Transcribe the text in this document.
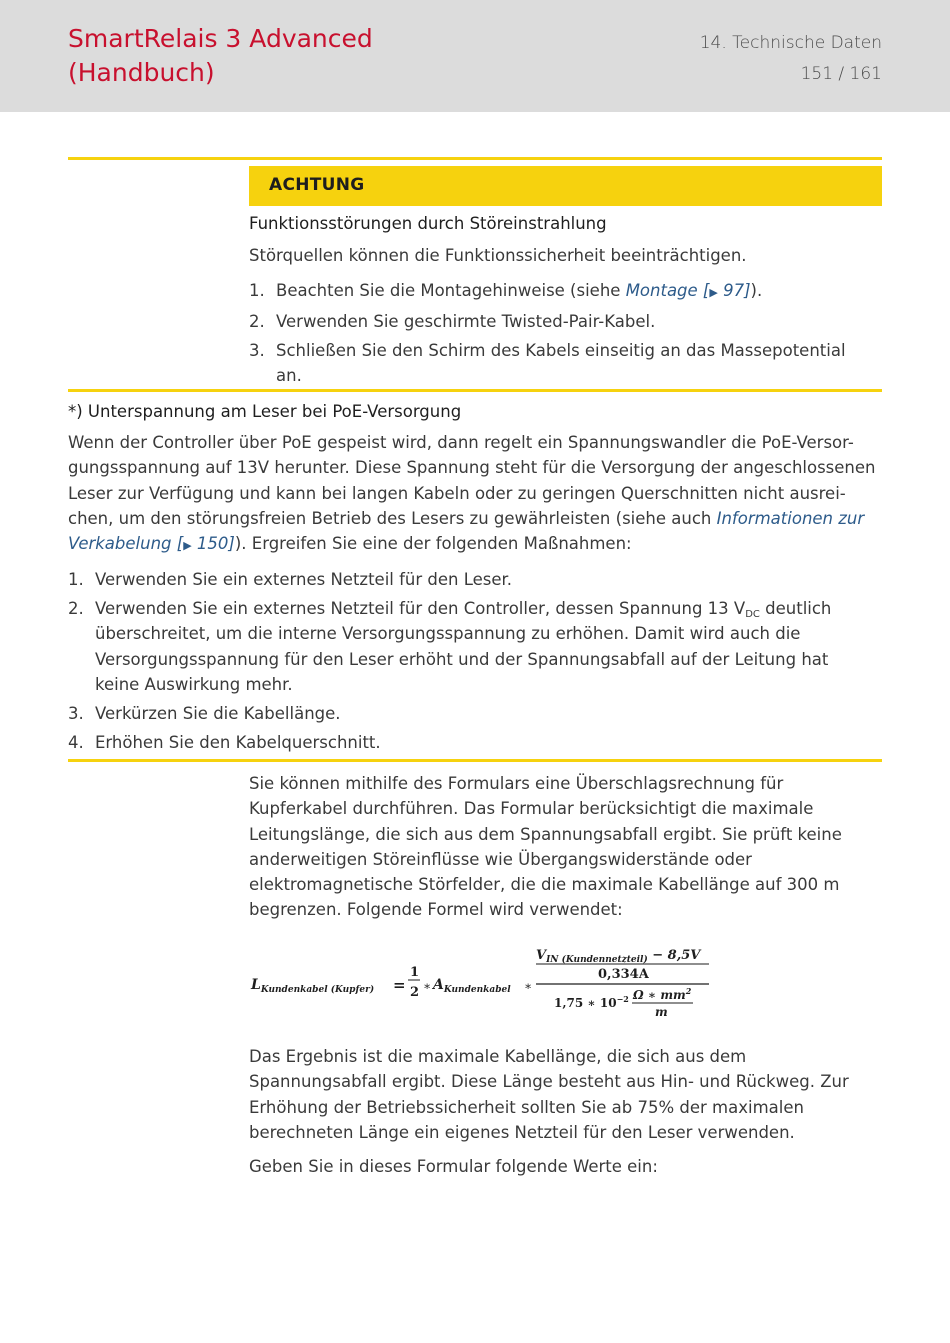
SmartRelais 3 Advanced
(Handbuch)
14. Technische Daten
151 / 161
ACHTUNG
Funktionsstörungen durch Störeinstrahlung
Störquellen können die Funktionssicherheit beeinträchtigen.
1. Beachten Sie die Montagehinweise (siehe Montage [▶ 97]).
2. Verwenden Sie geschirmte Twisted-Pair-Kabel.
3. Schließen Sie den Schirm des Kabels einseitig an das Massepotential an.
*) Unterspannung am Leser bei PoE-Versorgung
Wenn der Controller über PoE gespeist wird, dann regelt ein Spannungswandler die PoE-Versor-gungsspannung auf 13V herunter. Diese Spannung steht für die Versorgung der angeschlossenen Leser zur Verfügung und kann bei langen Kabeln oder zu geringen Querschnitten nicht ausrei-chen, um den störungsfreien Betrieb des Lesers zu gewährleisten (siehe auch Informationen zur Verkabelung [▶ 150]). Ergreifen Sie eine der folgenden Maßnahmen:
1. Verwenden Sie ein externes Netzteil für den Leser.
2. Verwenden Sie ein externes Netzteil für den Controller, dessen Spannung 13 $V_{DC}$ deutlich überschreitet, um die interne Versorgungsspannung zu erhöhen. Damit wird auch die Versorgungsspannung für den Leser erhöht und der Spannungsabfall auf der Leitung hat keine Auswirkung mehr.
3. Verkürzen Sie die Kabellänge.
4. Erhöhen Sie den Kabelquerschnitt.
Sie können mithilfe des Formulars eine Überschlagsrechnung für Kupferkabel durchführen. Das Formular berücksichtigt die maximale Leitungslänge, die sich aus dem Spannungsabfall ergibt. Sie prüft keine anderweitigen Störeinflüsse wie Übergangswiderstände oder elektromagnetische Störfelder, die die maximale Kabellänge auf 300 m begrenzen. Folgende Formel wird verwendet:
$L_{Kundenkabel (Kupfer)}$ =
1
2 ∗ $A_{Kundenkabel}$ ∗
$V_{IN (Kundennetzteil)} - 8,5V$
0,334A
1,75 ∗ $10^{-2}$ Ω ∗ $mm^2$
m
Das Ergebnis ist die maximale Kabellänge, die sich aus dem Spannungsabfall ergibt. Diese Länge besteht aus Hin- und Rückweg. Zur Erhöhung der Betriebssicherheit sollten Sie ab 75% der maximalen berechneten Länge ein eigenes Netzteil für den Leser verwenden.
Geben Sie in dieses Formular folgende Werte ein:
